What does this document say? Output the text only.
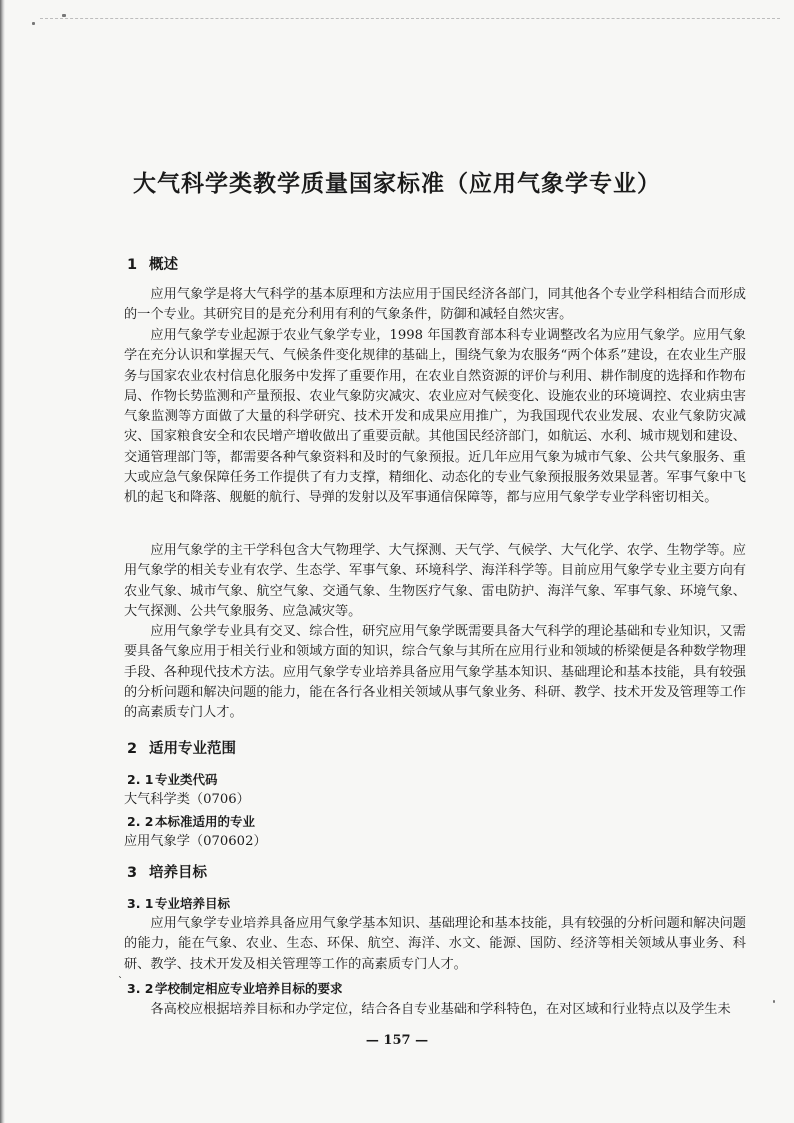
大气科学类教学质量国家标准（应用气象学专业）
1 概述

应用气象学是将大气科学的基本原理和方法应用于国民经济各部门，同其他各个专业学科相结合而形成的一个专业。其研究目的是充分利用有利的气象条件，防御和减轻自然灾害。

应用气象学专业起源于农业气象学专业，1998 年国教育部本科专业调整改名为应用气象学。应用气象学在充分认识和掌握天气、气候条件变化规律的基础上，围绕气象为农服务“两个体系”建设，在农业生产服务与国家农业农村信息化服务中发挥了重要作用，在农业自然资源的评价与利用、耕作制度的选择和作物布局、作物长势监测和产量预报、农业气象防灾减灾、农业应对气候变化、设施农业的环境调控、农业病虫害气象监测等方面做了大量的科学研究、技术开发和成果应用推广，为我国现代农业发展、农业气象防灾减灾、国家粮食安全和农民增产增收做出了重要贡献。其他国民经济部门，如航运、水利、城市规划和建设、交通管理部门等，都需要各种气象资料和及时的气象预报。近几年应用气象为城市气象、公共气象服务、重大或应急气象保障任务工作提供了有力支撑，精细化、动态化的专业气象预报服务效果显著。军事气象中飞机的起飞和降落、舰艇的航行、导弹的发射以及军事通信保障等，都与应用气象学专业学科密切相关。

应用气象学的主干学科包含大气物理学、大气探测、天气学、气候学、大气化学、农学、生物学等。应用气象学的相关专业有农学、生态学、军事气象、环境科学、海洋科学等。目前应用气象学专业主要方向有农业气象、城市气象、航空气象、交通气象、生物医疗气象、雷电防护、海洋气象、军事气象、环境气象、大气探测、公共气象服务、应急减灾等。

应用气象学专业具有交叉、综合性，研究应用气象学既需要具备大气科学的理论基础和专业知识，又需要具备气象应用于相关行业和领域方面的知识，综合气象与其所在应用行业和领域的桥梁便是各种数学物理手段、各种现代技术方法。应用气象学专业培养具备应用气象学基本知识、基础理论和基本技能，具有较强的分析问题和解决问题的能力，能在各行各业相关领域从事气象业务、科研、教学、技术开发及管理等工作的高素质专门人才。

2 适用专业范围
2. 1 专业类代码
大气科学类（0706）
2. 2 本标准适用的专业
应用气象学（070602）
3 培养目标
3. 1 专业培养目标

应用气象学专业培养具备应用气象学基本知识、基础理论和基本技能，具有较强的分析问题和解决问题的能力，能在气象、农业、生态、环保、航空、海洋、水文、能源、国防、经济等相关领域从事业务、科研、教学、技术开发及相关管理等工作的高素质专门人才。

` 3. 2 学校制定相应专业培养目标的要求

各高校应根据培养目标和办学定位，结合各自专业基础和学科特色，在对区域和行业特点以及学生未

— 157 —
